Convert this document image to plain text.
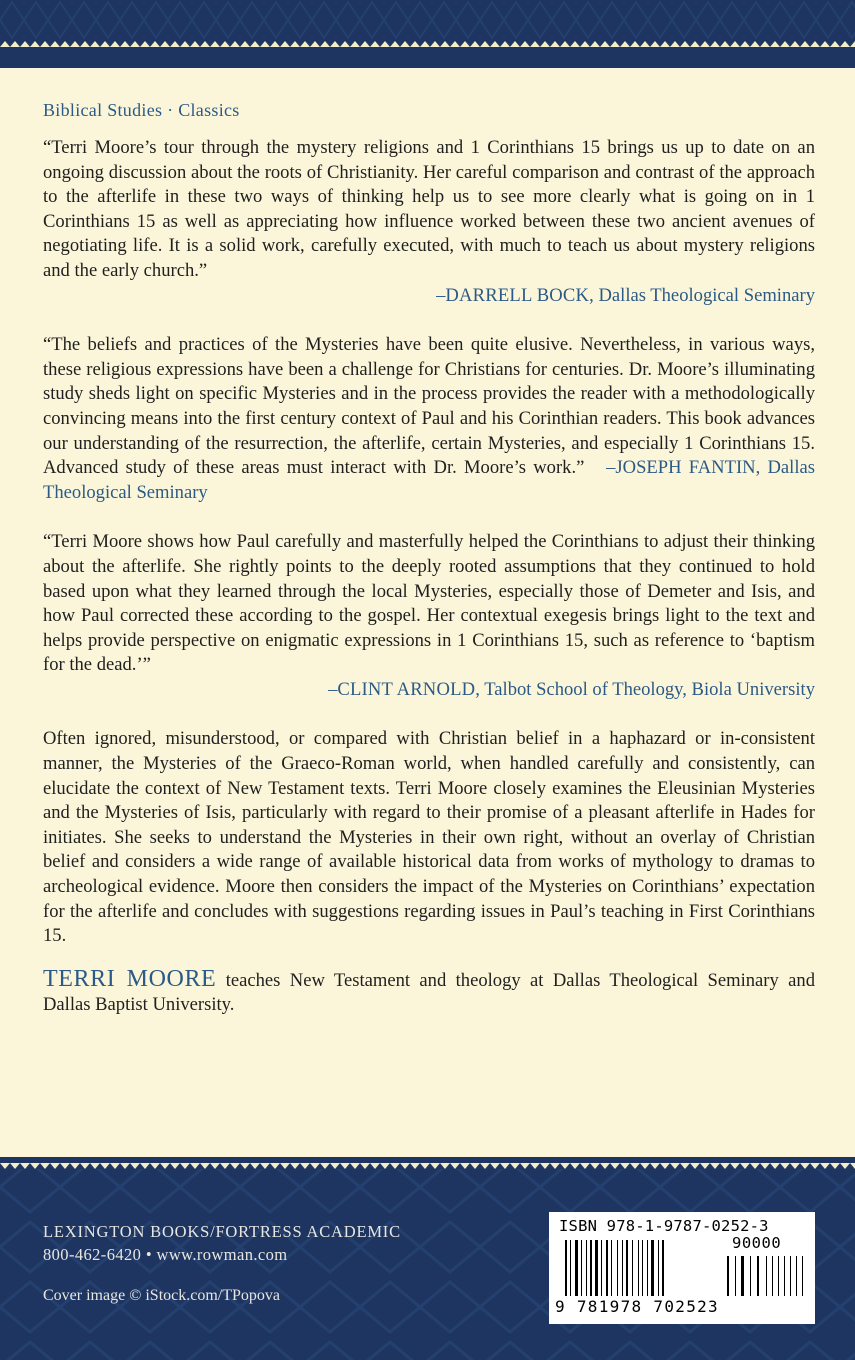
Biblical Studies · Classics

“Terri Moore’s tour through the mystery religions and 1 Corinthians 15 brings us up to date on an ongoing discussion about the roots of Christianity. Her careful comparison and contrast of the approach to the afterlife in these two ways of thinking help us to see more clearly what is going on in 1 Corinthians 15 as well as appreciating how influence worked between these two ancient avenues of negotiating life. It is a solid work, carefully executed, with much to teach us about mystery religions and the early church.”

–DARRELL BOCK, Dallas Theological Seminary

“The beliefs and practices of the Mysteries have been quite elusive. Nevertheless, in various ways, these religious expressions have been a challenge for Christians for centuries. Dr. Moore’s illuminating study sheds light on specific Mysteries and in the process provides the reader with a methodologically convincing means into the first century context of Paul and his Corinthian readers. This book advances our understanding of the resurrection, the afterlife, certain Mysteries, and especially 1 Corinthians 15. Advanced study of these areas must interact with Dr. Moore’s work.” –JOSEPH FANTIN, Dallas Theological Seminary

“Terri Moore shows how Paul carefully and masterfully helped the Corinthians to adjust their thinking about the afterlife. She rightly points to the deeply rooted assumptions that they continued to hold based upon what they learned through the local Mysteries, especially those of Demeter and Isis, and how Paul corrected these according to the gospel. Her contextual exegesis brings light to the text and helps provide perspective on enigmatic expressions in 1 Corinthians 15, such as reference to ‘baptism for the dead.’”

–CLINT ARNOLD, Talbot School of Theology, Biola University

Often ignored, misunderstood, or compared with Christian belief in a haphazard or in-consistent manner, the Mysteries of the Graeco-Roman world, when handled carefully and consistently, can elucidate the context of New Testament texts. Terri Moore closely examines the Eleusinian Mysteries and the Mysteries of Isis, particularly with regard to their promise of a pleasant afterlife in Hades for initiates. She seeks to understand the Mysteries in their own right, without an overlay of Christian belief and considers a wide range of available historical data from works of mythology to dramas to archeological evidence. Moore then considers the impact of the Mysteries on Corinthians’ expectation for the afterlife and concludes with suggestions regarding issues in Paul’s teaching in First Corinthians 15.

TERRI MOORE teaches New Testament and theology at Dallas Theological Seminary and Dallas Baptist University.

LEXINGTON BOOKS/FORTRESS ACADEMIC
800-462-6420 • www.rowman.com
Cover image © iStock.com/TPopova
ISBN 978-1-9787-0252-3
90000
9 781978 702523
